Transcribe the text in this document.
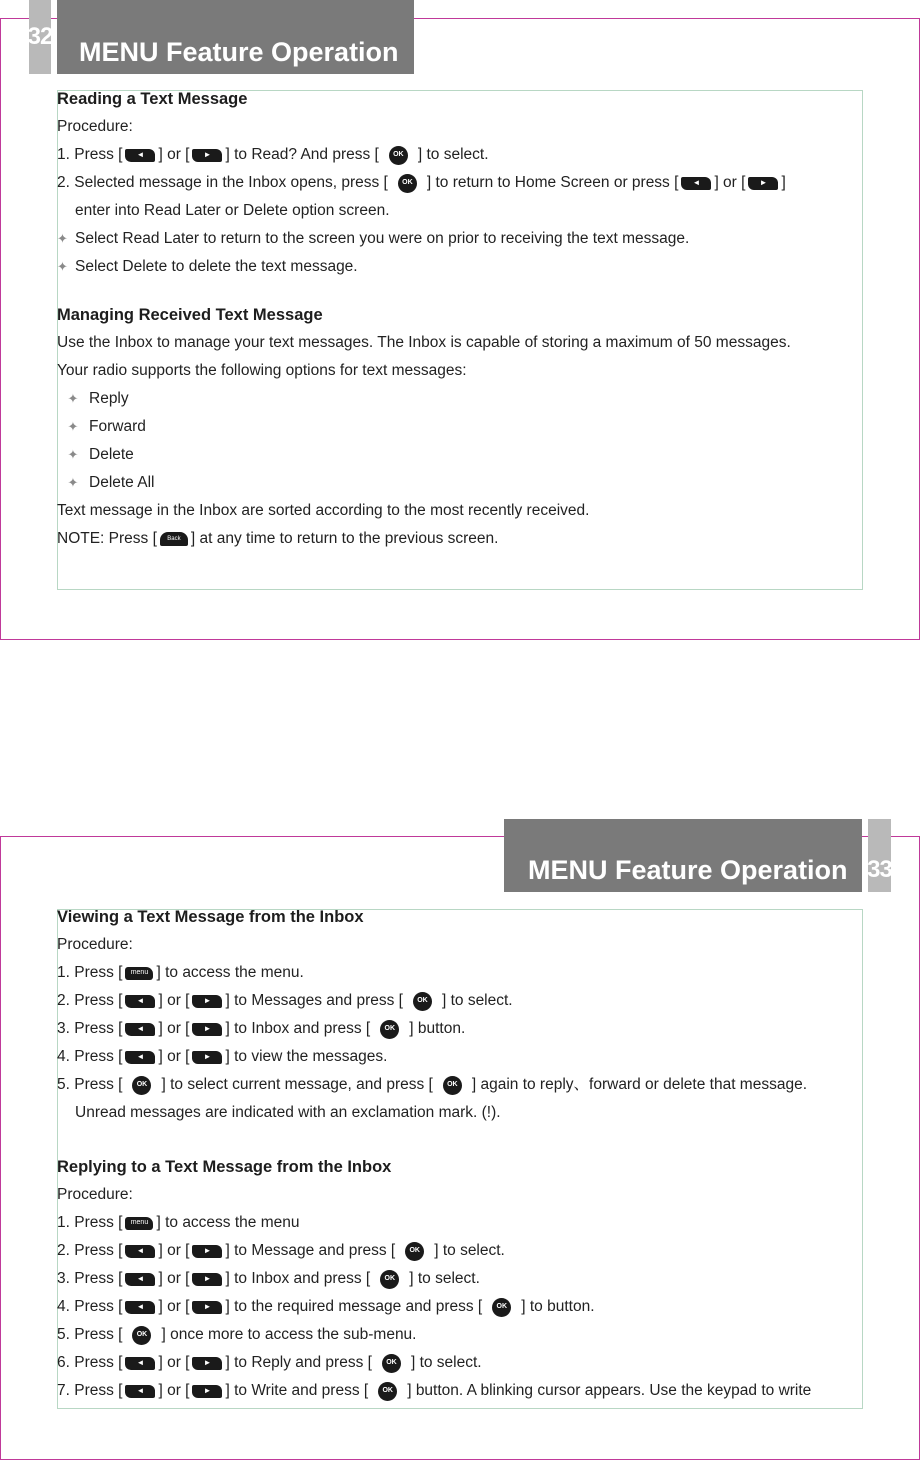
32 MENU Feature Operation
Reading a Text Message
Procedure:
1. Press [	◄ ] or [	► ] to Read? And press [	OK ] to select.
2. Selected message in the Inbox opens, press [	OK ] to return to Home Screen or press [	◄ ] or [	► ]
enter into Read Later or Delete option screen.
✦ Select Read Later to return to the screen you were on prior to receiving the text message.
✦ Select Delete to delete the text message.
Managing Received Text Message
Use the Inbox to manage your text messages. The Inbox is capable of storing a maximum of 50 messages.
Your radio supports the following options for text messages:
✦ Reply
✦ Forward
✦ Delete
✦ Delete All
Text message in the Inbox are sorted according to the most recently received.
NOTE: Press [	Back ] at any time to return to the previous screen.
MENU Feature Operation 33
Viewing a Text Message from the Inbox
Procedure:
1. Press [	menu ] to access the menu.
2. Press [	◄ ] or [	► ] to Messages and press [	OK ] to select.
3. Press [	◄ ] or [	► ] to Inbox and press [	OK ] button.
4. Press [	◄ ] or [	► ] to view the messages.
5. Press [	OK ] to select current message, and press [	OK ] again to reply、forward or delete that message.
Unread messages are indicated with an exclamation mark. (!).
Replying to a Text Message from the Inbox
Procedure:
1. Press [	menu ] to access the menu
2. Press [	◄ ] or [	► ] to Message and press [	OK ] to select.
3. Press [	◄ ] or [	► ] to Inbox and press [	OK ] to select.
4. Press [	◄ ] or [	► ] to the required message and press [	OK ] to button.
5. Press [	OK ] once more to access the sub-menu.
6. Press [	◄ ] or [	► ] to Reply and press [	OK ] to select.
7. Press [	◄ ] or [	► ] to Write and press [	OK ] button. A blinking cursor appears. Use the keypad to write
